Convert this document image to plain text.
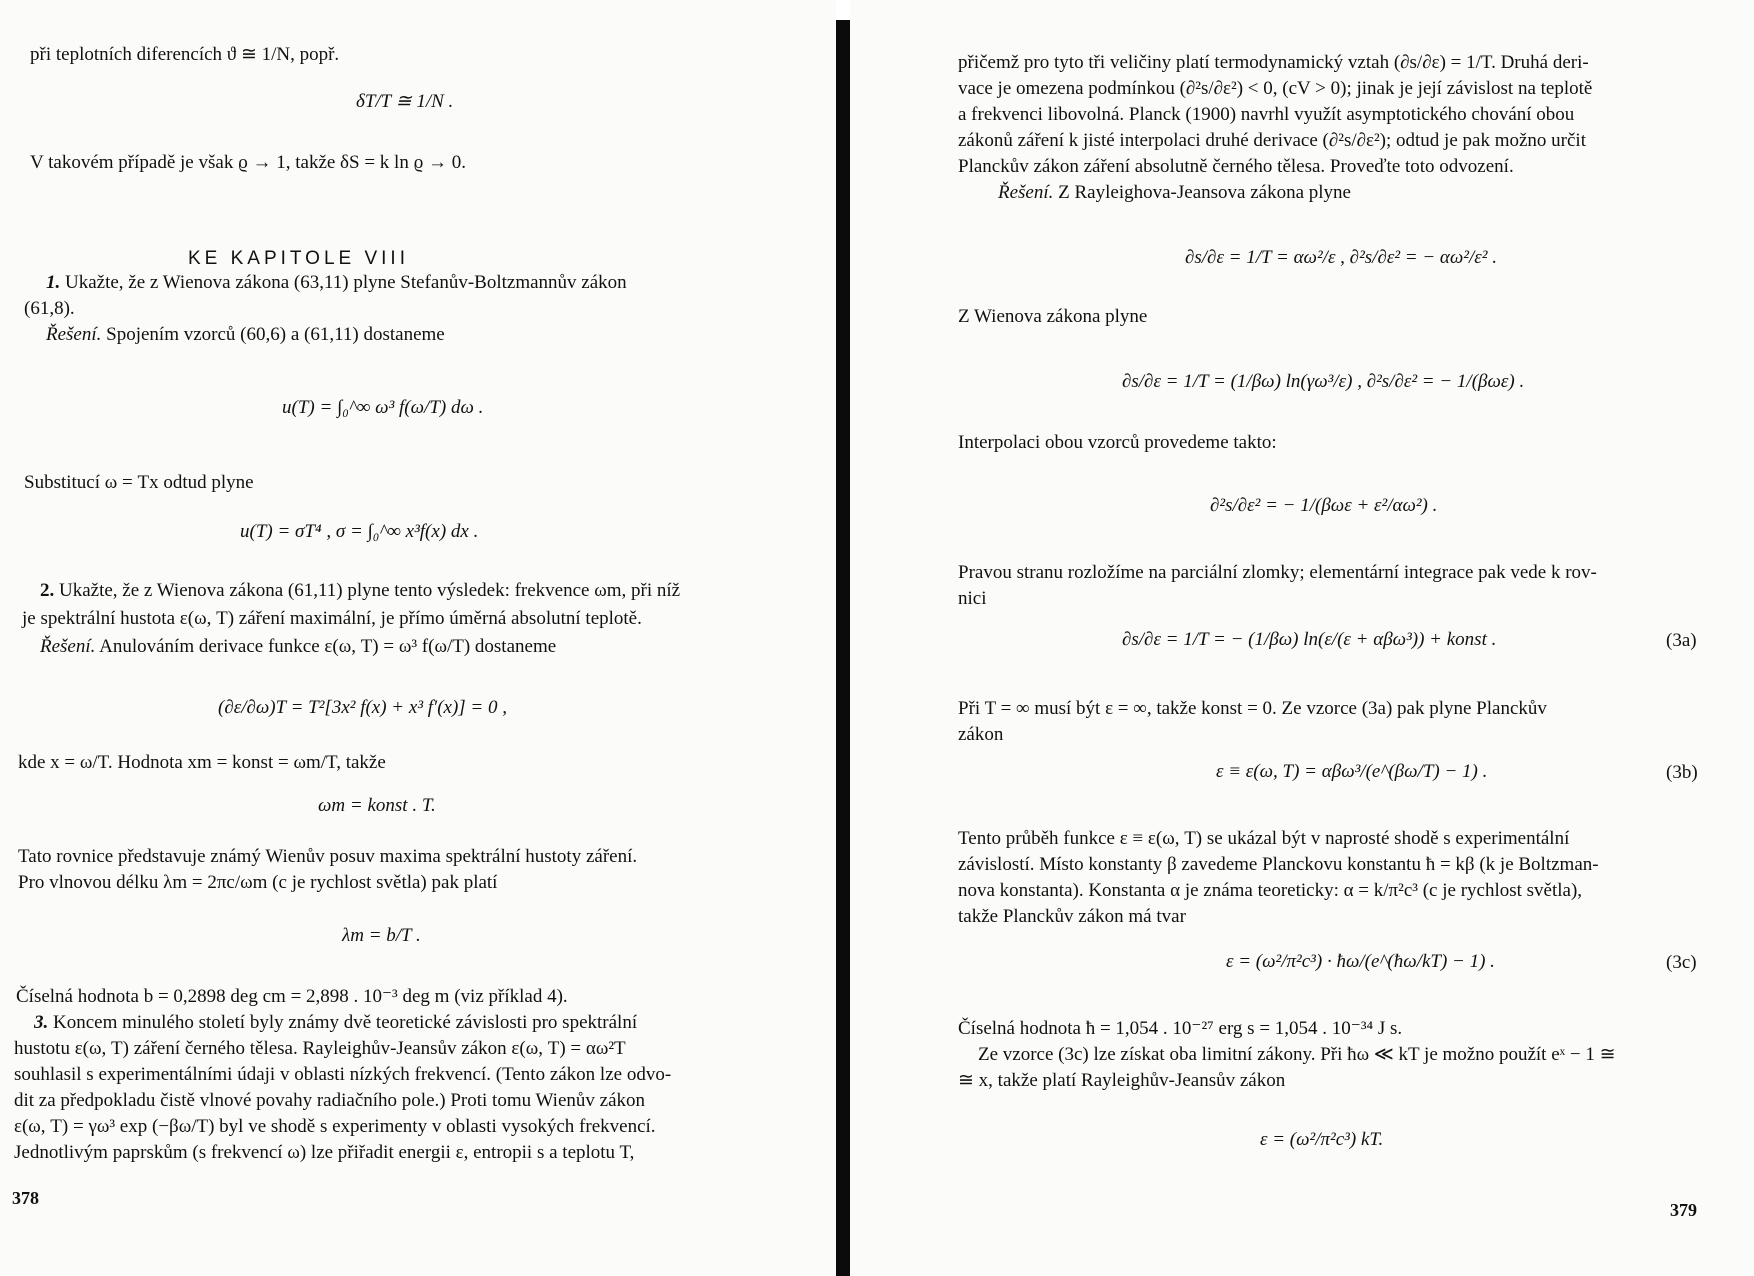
při teplotních diferencích ϑ ≅ 1/N, popř.
δT/T ≅ 1/N .
V takovém případě je však ϱ → 1, takže δS = k ln ϱ → 0.
KE KAPITOLE VIII
1. Ukažte, že z Wienova zákona (63,11) plyne Stefanův-Boltzmannův zákon
(61,8).
Řešení. Spojením vzorců (60,6) a (61,11) dostaneme
u(T) = ∫₀^∞ ω³ f(ω/T) dω .
Substitucí ω = Tx odtud plyne
u(T) = σT⁴ , σ = ∫₀^∞ x³f(x) dx .
2. Ukažte, že z Wienova zákona (61,11) plyne tento výsledek: frekvence ωm, při níž
je spektrální hustota ε(ω, T) záření maximální, je přímo úměrná absolutní teplotě.
Řešení. Anulováním derivace funkce ε(ω, T) = ω³ f(ω/T) dostaneme
(∂ε/∂ω)T = T²[3x² f(x) + x³ f′(x)] = 0 ,
kde x = ω/T. Hodnota xm = konst = ωm/T, takže
ωm = konst . T.
Tato rovnice představuje známý Wienův posuv maxima spektrální hustoty záření.
Pro vlnovou délku λm = 2πc/ωm (c je rychlost světla) pak platí
λm = b/T .
Číselná hodnota b = 0,2898 deg cm = 2,898 . 10⁻³ deg m (viz příklad 4).
3. Koncem minulého století byly známy dvě teoretické závislosti pro spektrální
hustotu ε(ω, T) záření černého tělesa. Rayleighův-Jeansův zákon ε(ω, T) = αω²T
souhlasil s experimentálními údaji v oblasti nízkých frekvencí. (Tento zákon lze odvo-
dit za předpokladu čistě vlnové povahy radiačního pole.) Proti tomu Wienův zákon
ε(ω, T) = γω³ exp (−βω/T) byl ve shodě s experimenty v oblasti vysokých frekvencí.
Jednotlivým paprskům (s frekvencí ω) lze přiřadit energii ε, entropii s a teplotu T,
378
přičemž pro tyto tři veličiny platí termodynamický vztah (∂s/∂ε) = 1/T. Druhá deri-
vace je omezena podmínkou (∂²s/∂ε²) < 0, (cV > 0); jinak je její závislost na teplotě
a frekvenci libovolná. Planck (1900) navrhl využít asymptotického chování obou
zákonů záření k jisté interpolaci druhé derivace (∂²s/∂ε²); odtud je pak možno určit
Planckův zákon záření absolutně černého tělesa. Proveďte toto odvození.
Řešení. Z Rayleighova-Jeansova zákona plyne
∂s/∂ε = 1/T = αω²/ε , ∂²s/∂ε² = − αω²/ε² .
Z Wienova zákona plyne
∂s/∂ε = 1/T = (1/βω) ln(γω³/ε) , ∂²s/∂ε² = − 1/(βωε) .
Interpolaci obou vzorců provedeme takto:
∂²s/∂ε² = − 1/(βωε + ε²/αω²) .
Pravou stranu rozložíme na parciální zlomky; elementární integrace pak vede k rov-
nici
∂s/∂ε = 1/T = − (1/βω) ln(ε/(ε + αβω³)) + konst .	(3a)
Při T = ∞ musí být ε = ∞, takže konst = 0. Ze vzorce (3a) pak plyne Planckův
zákon
ε ≡ ε(ω, T) = αβω³/(e^(βω/T) − 1) .	(3b)
Tento průběh funkce ε ≡ ε(ω, T) se ukázal být v naprosté shodě s experimentální
závislostí. Místo konstanty β zavedeme Planckovu konstantu ħ = kβ (k je Boltzman-
nova konstanta). Konstanta α je známa teoreticky: α = k/π²c³ (c je rychlost světla),
takže Planckův zákon má tvar
ε = (ω²/π²c³) · ħω/(e^(ħω/kT) − 1) .	(3c)
Číselná hodnota ħ = 1,054 . 10⁻²⁷ erg s = 1,054 . 10⁻³⁴ J s.
Ze vzorce (3c) lze získat oba limitní zákony. Při ħω ≪ kT je možno použít eˣ − 1 ≅
≅ x, takže platí Rayleighův-Jeansův zákon
ε = (ω²/π²c³) kT.
379
